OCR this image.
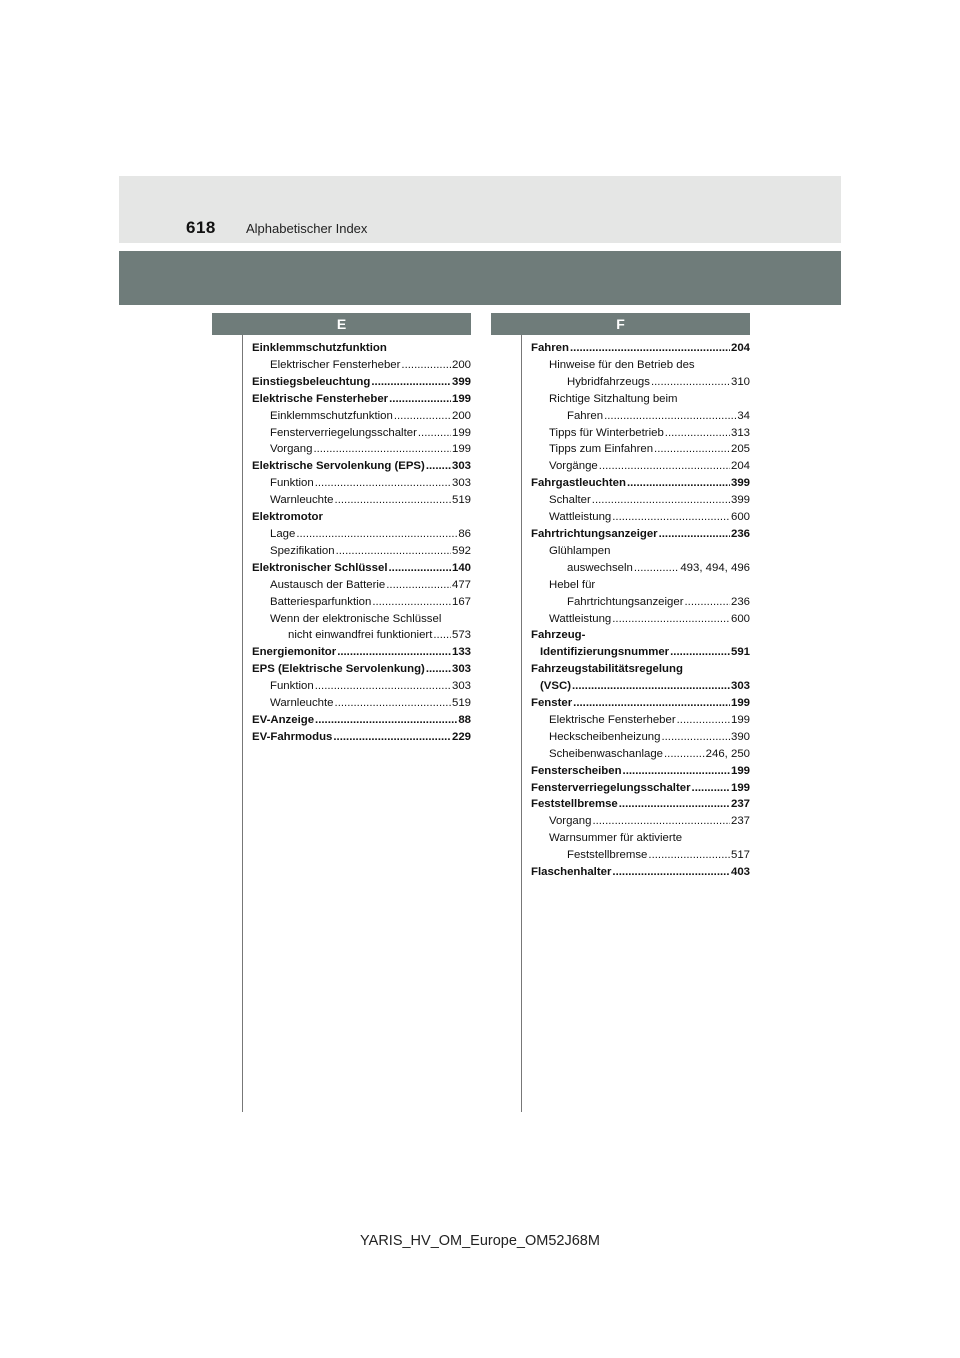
618 Alphabetischer Index
E	F
Einklemmschutzfunktion
Elektrischer Fensterheber .....	200
Einstiegsbeleuchtung .....	399
Elektrische Fensterheber .....	199
Einklemmschutzfunktion .....	200
Fensterverriegelungsschalter .....	199
Vorgang .....	199
Elektrische Servolenkung (EPS) ..... 303
Funktion .....	303
Warnleuchte .....	519
Elektromotor
Lage .....	86
Spezifikation .....	592
Elektronischer Schlüssel .....	140
Austausch der Batterie .....	477
Batteriesparfunktion .....	167
Wenn der elektronische Schlüssel
nicht einwandfrei funktioniert ..... 573
Energiemonitor .....	133
EPS (Elektrische Servolenkung) ..... 303
Funktion .....	303
Warnleuchte .....	519
EV-Anzeige .....	88
EV-Fahrmodus .....	229
Fahren .....	204
Hinweise für den Betrieb des
Hybridfahrzeugs .....	310
Richtige Sitzhaltung beim
Fahren .....	34
Tipps für Winterbetrieb .....	313
Tipps zum Einfahren .....	205
Vorgänge .....	204
Fahrgastleuchten .....	399
Schalter .....	399
Wattleistung .....	600
Fahrtrichtungsanzeiger .....	236
Glühlampen
auswechseln .....	493, 494, 496
Hebel für
Fahrtrichtungsanzeiger .....	236
Wattleistung .....	600
Fahrzeug-
Identifizierungsnummer .....	591
Fahrzeugstabilitätsregelung
(VSC) .....	303
Fenster .....	199
Elektrische Fensterheber .....	199
Heckscheibenheizung .....	390
Scheibenwaschanlage .....	246, 250
Fensterscheiben .....	199
Fensterverriegelungsschalter .....	199
Feststellbremse .....	237
Vorgang .....	237
Warnsummer für aktivierte
Feststellbremse .....	517
Flaschenhalter .....	403
YARIS_HV_OM_Europe_OM52J68M
